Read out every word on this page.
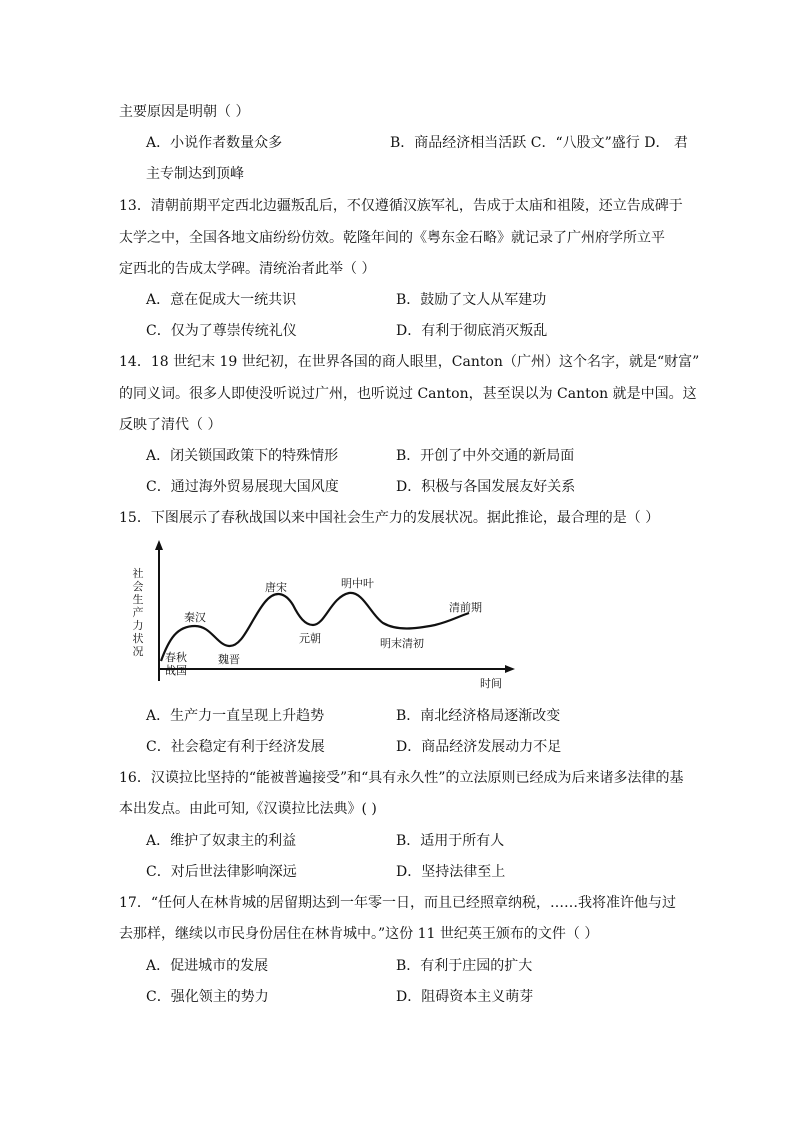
主要原因是明朝（ ）
A．小说作者数量众多	B．商品经济相当活跃 C．“八股文”盛行 D． 君
主专制达到顶峰
13．清朝前期平定西北边疆叛乱后，不仅遵循汉族军礼，告成于太庙和祖陵，还立告成碑于
太学之中，全国各地文庙纷纷仿效。乾隆年间的《粤东金石略》就记录了广州府学所立平
定西北的告成太学碑。清统治者此举（ ）
A．意在促成大一统共识	B．鼓励了文人从军建功
C．仅为了尊崇传统礼仪	D．有利于彻底消灭叛乱
14．18 世纪末 19 世纪初，在世界各国的商人眼里，Canton（广州）这个名字，就是“财富”
的同义词。很多人即使没听说过广州，也听说过 Canton，甚至误以为 Canton 就是中国。这
反映了清代（ ）
A．闭关锁国政策下的特殊情形	B．开创了中外交通的新局面
C．通过海外贸易展现大国风度	D．积极与各国发展友好关系
15．下图展示了春秋战国以来中国社会生产力的发展状况。据此推论，最合理的是（ ）
社
会
生
产
力
状
况
时间
春秋
战国
秦汉
魏晋
唐宋
元朝
明中叶
明末清初
清前期
A．生产力一直呈现上升趋势	B．南北经济格局逐渐改变
C．社会稳定有利于经济发展	D．商品经济发展动力不足
16．汉谟拉比坚持的“能被普遍接受”和“具有永久性”的立法原则已经成为后来诸多法律的基
本出发点。由此可知,《汉谟拉比法典》( )
A．维护了奴隶主的利益	B．适用于所有人
C．对后世法律影响深远	D．坚持法律至上
17．“任何人在林肯城的居留期达到一年零一日，而且已经照章纳税，……我将准许他与过
去那样，继续以市民身份居住在林肯城中。”这份 11 世纪英王颁布的文件（ ）
A．促进城市的发展	B．有利于庄园的扩大
C．强化领主的势力	D．阻碍资本主义萌芽
